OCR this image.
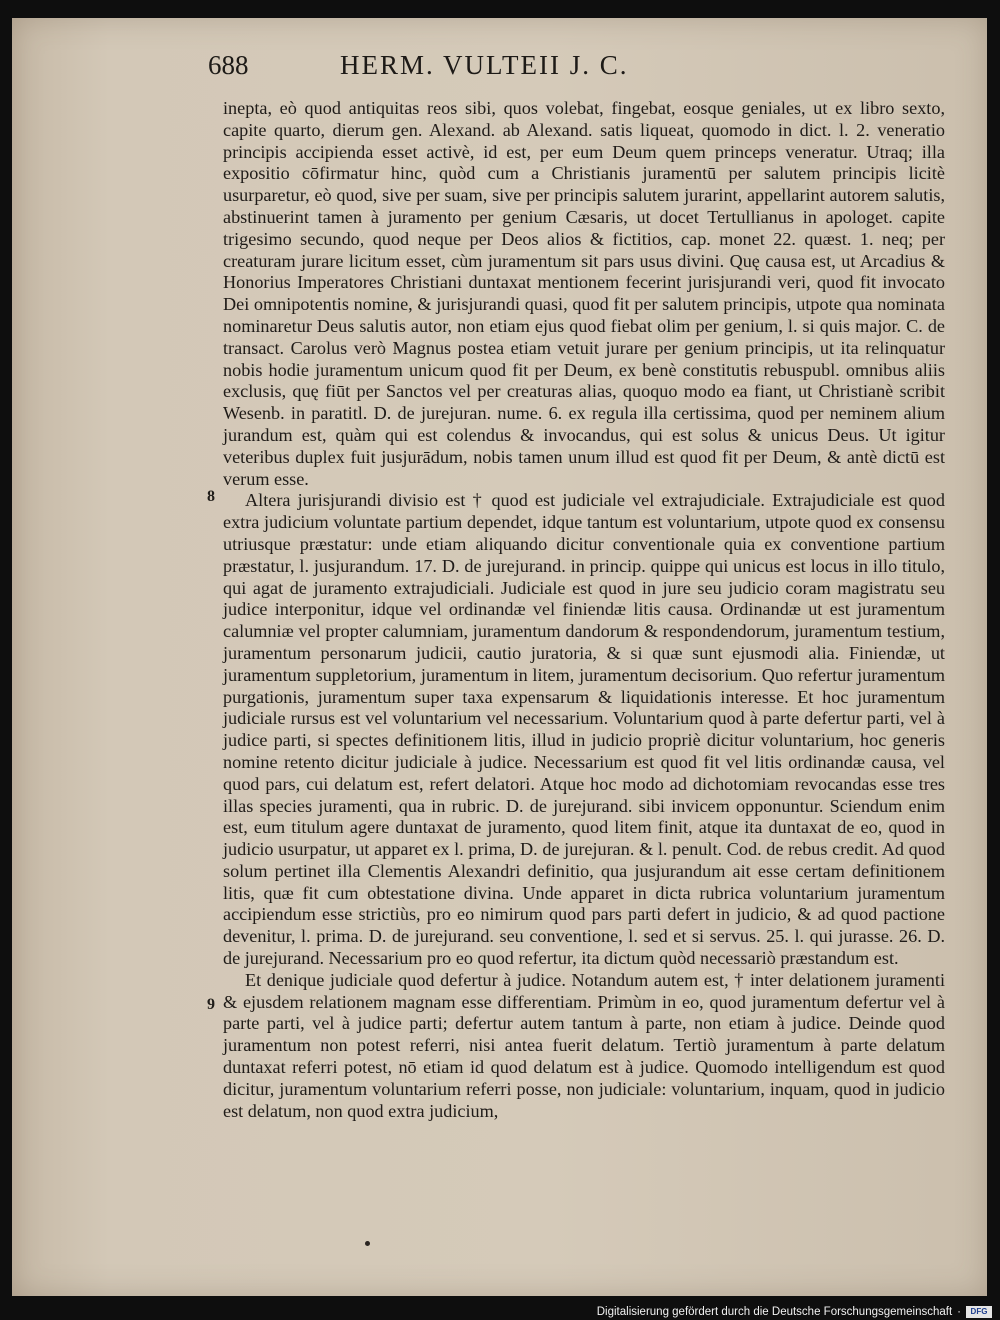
688	HERM. VULTEII J. C.

inepta, eò quod antiquitas reos sibi, quos volebat, fingebat, eosque geniales, ut ex libro sexto, capite quarto, dierum gen. Alexand. ab Alexand. satis liqueat, quomodo in dict. l. 2. veneratio principis accipienda esset activè, id est, per eum Deum quem princeps veneratur. Utraq; illa expositio cōfirmatur hinc, quòd cum a Christianis juramentū per salutem principis licitè usurparetur, eò quod, sive per suam, sive per principis salutem jurarint, appellarint autorem salutis, abstinuerint tamen à juramento per genium Cæsaris, ut docet Tertullianus in apologet. capite trigesimo secundo, quod neque per Deos alios & fictitios, cap. monet 22. quæst. 1. neq; per creaturam jurare licitum esset, cùm juramentum sit pars usus divini. Quę causa est, ut Arcadius & Honorius Imperatores Christiani duntaxat mentionem fecerint jurisjurandi veri, quod fit invocato Dei omnipotentis nomine, & jurisjurandi quasi, quod fit per salutem principis, utpote qua nominata nominaretur Deus salutis autor, non etiam ejus quod fiebat olim per genium, l. si quis major. C. de transact. Carolus verò Magnus postea etiam vetuit jurare per genium principis, ut ita relinquatur nobis hodie juramentum unicum quod fit per Deum, ex benè constitutis rebuspubl. omnibus aliis exclusis, quę fiūt per Sanctos vel per creaturas alias, quoquo modo ea fiant, ut Christianè scribit Wesenb. in paratitl. D. de jurejuran. nume. 6. ex regula illa certissima, quod per neminem alium jurandum est, quàm qui est colendus & invocandus, qui est solus & unicus Deus. Ut igitur veteribus duplex fuit jusjurādum, nobis tamen unum illud est quod fit per Deum, & antè dictū est verum esse.

Altera jurisjurandi divisio est † quod est judiciale vel extrajudiciale. Extrajudiciale est quod extra judicium voluntate partium dependet, idque tantum est voluntarium, utpote quod ex consensu utriusque præstatur: unde etiam aliquando dicitur conventionale quia ex conventione partium præstatur, l. jusjurandum. 17. D. de jurejurand. in princip. quippe qui unicus est locus in illo titulo, qui agat de juramento extrajudiciali. Judiciale est quod in jure seu judicio coram magistratu seu judice interponitur, idque vel ordinandæ vel finiendæ litis causa. Ordinandæ ut est juramentum calumniæ vel propter calumniam, juramentum dandorum & respondendorum, juramentum testium, juramentum personarum judicii, cautio juratoria, & si quæ sunt ejusmodi alia. Finiendæ, ut juramentum suppletorium, juramentum in litem, juramentum decisorium. Quo refertur juramentum purgationis, juramentum super taxa expensarum & liquidationis interesse. Et hoc juramentum judiciale rursus est vel voluntarium vel necessarium. Voluntarium quod à parte defertur parti, vel à judice parti, si spectes definitionem litis, illud in judicio propriè dicitur voluntarium, hoc generis nomine retento dicitur judiciale à judice. Necessarium est quod fit vel litis ordinandæ causa, vel quod pars, cui delatum est, refert delatori. Atque hoc modo ad dichotomiam revocandas esse tres illas species juramenti, qua in rubric. D. de jurejurand. sibi invicem opponuntur. Sciendum enim est, eum titulum agere duntaxat de juramento, quod litem finit, atque ita duntaxat de eo, quod in judicio usurpatur, ut apparet ex l. prima, D. de jurejuran. & l. penult. Cod. de rebus credit. Ad quod solum pertinet illa Clementis Alexandri definitio, qua jusjurandum ait esse certam definitionem litis, quæ fit cum obtestatione divina. Unde apparet in dicta rubrica voluntarium juramentum accipiendum esse strictiùs, pro eo nimirum quod pars parti defert in judicio, & ad quod pactione devenitur, l. prima. D. de jurejurand. seu conventione, l. sed et si servus. 25. l. qui jurasse. 26. D. de jurejurand. Necessarium pro eo quod refertur, ita dictum quòd necessariò præstandum est.

Et denique judiciale quod defertur à judice. Notandum autem est, † inter delationem juramenti & ejusdem relationem magnam esse differentiam. Primùm in eo, quod juramentum defertur vel à parte parti, vel à judice parti; defertur autem tantum à parte, non etiam à judice. Deinde quod juramentum non potest referri, nisi antea fuerit delatum. Tertiò juramentum à parte delatum duntaxat referri potest, nō etiam id quod delatum est à judice. Quomodo intelligendum est quod dicitur, juramentum voluntarium referri posse, non judiciale: voluntarium, inquam, quod in judicio est delatum, non quod extra judicium,

8
9
Digitalisierung gefördert durch die Deutsche Forschungsgemeinschaft ·	DFG
